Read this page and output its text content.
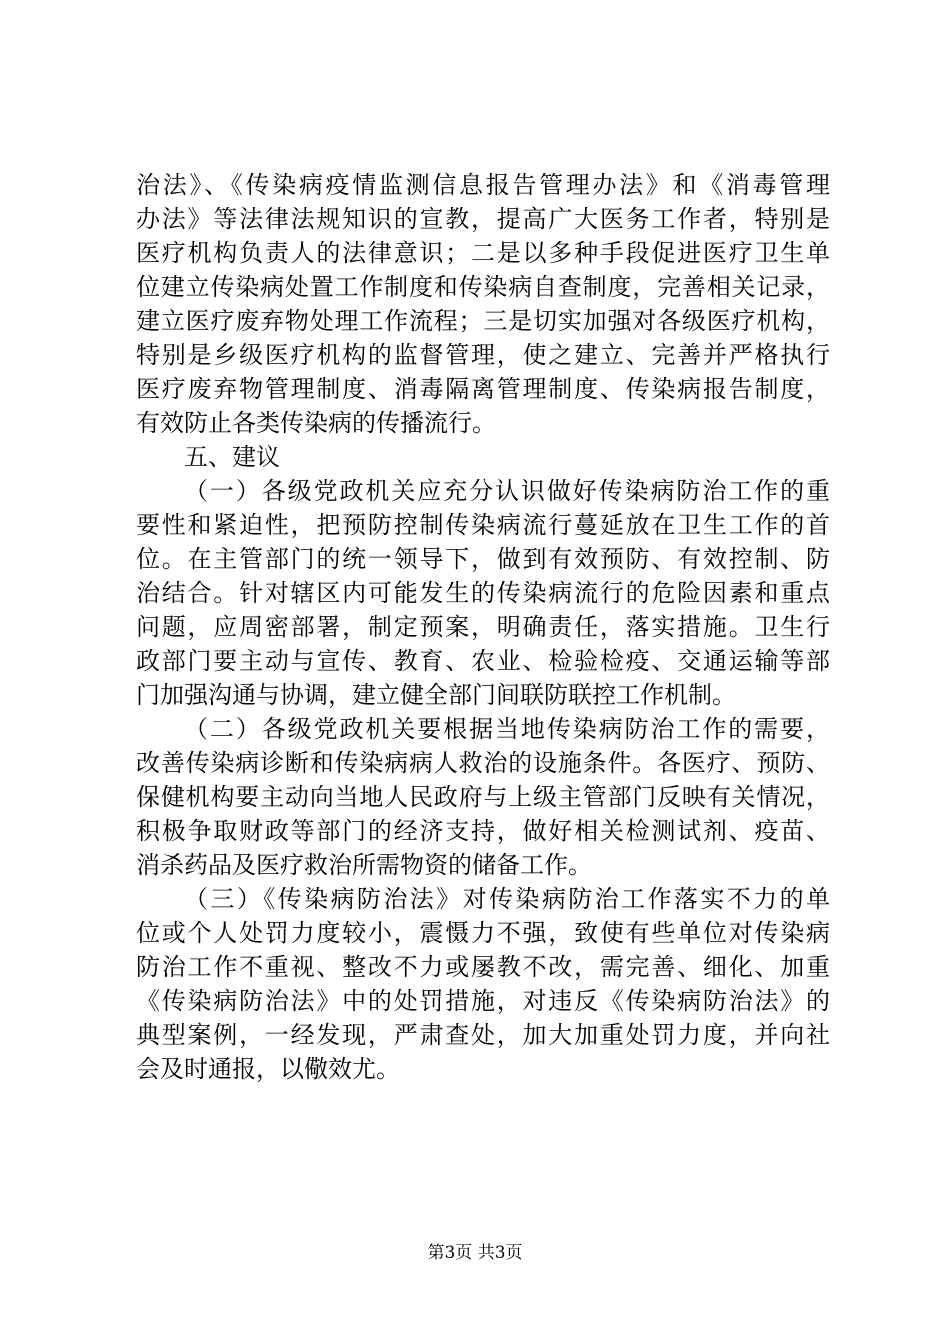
治法》、《传染病疫情监测信息报告管理办法》和《消毒管理
办法》等法律法规知识的宣教，提高广大医务工作者，特别是
医疗机构负责人的法律意识；二是以多种手段促进医疗卫生单
位建立传染病处置工作制度和传染病自查制度，完善相关记录，
建立医疗废弃物处理工作流程；三是切实加强对各级医疗机构，
特别是乡级医疗机构的监督管理，使之建立、完善并严格执行
医疗废弃物管理制度、消毒隔离管理制度、传染病报告制度，
有效防止各类传染病的传播流行。
五、建议
（一）各级党政机关应充分认识做好传染病防治工作的重
要性和紧迫性，把预防控制传染病流行蔓延放在卫生工作的首
位。在主管部门的统一领导下，做到有效预防、有效控制、防
治结合。针对辖区内可能发生的传染病流行的危险因素和重点
问题，应周密部署，制定预案，明确责任，落实措施。卫生行
政部门要主动与宣传、教育、农业、检验检疫、交通运输等部
门加强沟通与协调，建立健全部门间联防联控工作机制。
（二）各级党政机关要根据当地传染病防治工作的需要，
改善传染病诊断和传染病病人救治的设施条件。各医疗、预防、
保健机构要主动向当地人民政府与上级主管部门反映有关情况，
积极争取财政等部门的经济支持，做好相关检测试剂、疫苗、
消杀药品及医疗救治所需物资的储备工作。
（三）《传染病防治法》对传染病防治工作落实不力的单
位或个人处罚力度较小，震慑力不强，致使有些单位对传染病
防治工作不重视、整改不力或屡教不改，需完善、细化、加重
《传染病防治法》中的处罚措施，对违反《传染病防治法》的
典型案例，一经发现，严肃查处，加大加重处罚力度，并向社
会及时通报，以儆效尤。
第3页 共3页
